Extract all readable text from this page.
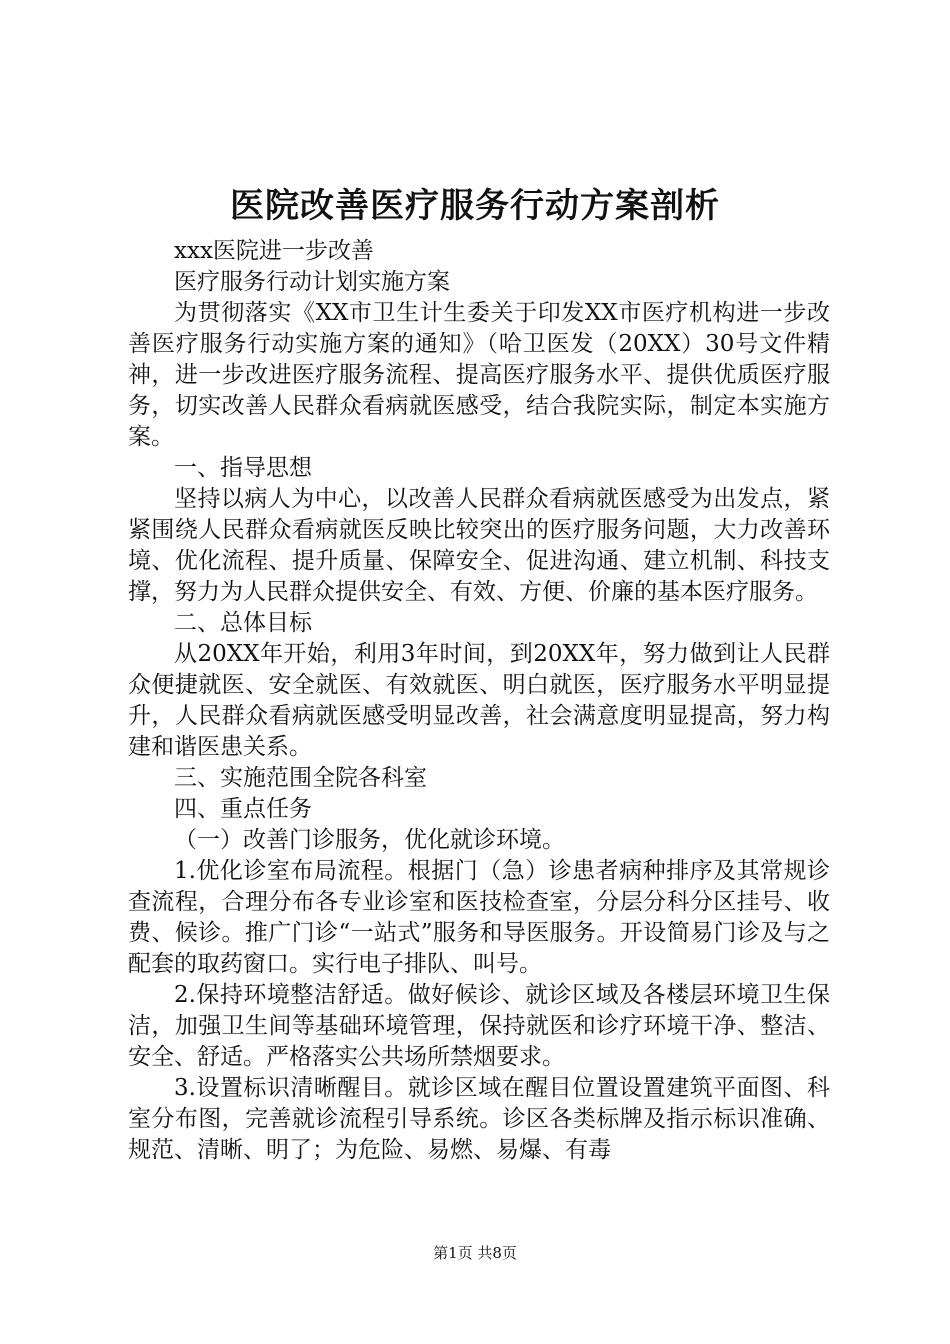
医院改善医疗服务行动方案剖析

xxx医院进一步改善

医疗服务行动计划实施方案

为贯彻落实《XX市卫生计生委关于印发XX市医疗机构进一步改善医疗服务行动实施方案的通知》（哈卫医发（20XX）30号文件精神，进一步改进医疗服务流程、提高医疗服务水平、提供优质医疗服务，切实改善人民群众看病就医感受，结合我院实际，制定本实施方案。

一、指导思想

坚持以病人为中心，以改善人民群众看病就医感受为出发点，紧紧围绕人民群众看病就医反映比较突出的医疗服务问题，大力改善环境、优化流程、提升质量、保障安全、促进沟通、建立机制、科技支撑，努力为人民群众提供安全、有效、方便、价廉的基本医疗服务。

二、总体目标

从20XX年开始，利用3年时间，到20XX年，努力做到让人民群众便捷就医、安全就医、有效就医、明白就医，医疗服务水平明显提升，人民群众看病就医感受明显改善，社会满意度明显提高，努力构建和谐医患关系。

三、实施范围全院各科室

四、重点任务

（一）改善门诊服务，优化就诊环境。

1.优化诊室布局流程。根据门（急）诊患者病种排序及其常规诊查流程，合理分布各专业诊室和医技检查室，分层分科分区挂号、收费、候诊。推广门诊“一站式”服务和导医服务。开设简易门诊及与之配套的取药窗口。实行电子排队、叫号。

2.保持环境整洁舒适。做好候诊、就诊区域及各楼层环境卫生保洁，加强卫生间等基础环境管理，保持就医和诊疗环境干净、整洁、安全、舒适。严格落实公共场所禁烟要求。

3.设置标识清晰醒目。就诊区域在醒目位置设置建筑平面图、科室分布图，完善就诊流程引导系统。诊区各类标牌及指示标识准确、规范、清晰、明了；为危险、易燃、易爆、有毒

第1页 共8页
